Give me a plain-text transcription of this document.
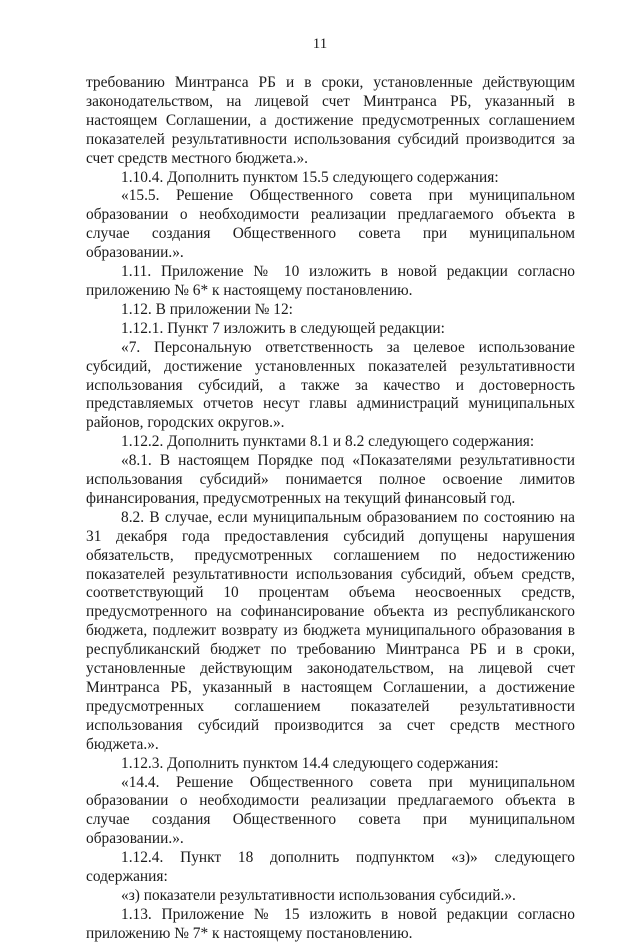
11

требованию Минтранса РБ и в сроки, установленные действующим законодательством, на лицевой счет Минтранса РБ, указанный в настоящем Соглашении, а достижение предусмотренных соглашением показателей результативности использования субсидий производится за счет средств местного бюджета.».

1.10.4. Дополнить пунктом 15.5 следующего содержания:

«15.5. Решение Общественного совета при муниципальном образовании о необходимости реализации предлагаемого объекта в случае создания Общественного совета при муниципальном образовании.».

1.11. Приложение № 10 изложить в новой редакции согласно приложению № 6* к настоящему постановлению.

1.12. В приложении № 12:

1.12.1. Пункт 7 изложить в следующей редакции:

«7. Персональную ответственность за целевое использование субсидий, достижение установленных показателей результативности использования субсидий, а также за качество и достоверность представляемых отчетов несут главы администраций муниципальных районов, городских округов.».

1.12.2. Дополнить пунктами 8.1 и 8.2 следующего содержания:

«8.1. В настоящем Порядке под «Показателями результативности использования субсидий» понимается полное освоение лимитов финансирования, предусмотренных на текущий финансовый год.

8.2. В случае, если муниципальным образованием по состоянию на 31 декабря года предоставления субсидий допущены нарушения обязательств, предусмотренных соглашением по недостижению показателей результативности использования субсидий, объем средств, соответствующий 10 процентам объема неосвоенных средств, предусмотренного на софинансирование объекта из республиканского бюджета, подлежит возврату из бюджета муниципального образования в республиканский бюджет по требованию Минтранса РБ и в сроки, установленные действующим законодательством, на лицевой счет Минтранса РБ, указанный в настоящем Соглашении, а достижение предусмотренных соглашением показателей результативности использования субсидий производится за счет средств местного бюджета.».

1.12.3. Дополнить пунктом 14.4 следующего содержания:

«14.4. Решение Общественного совета при муниципальном образовании о необходимости реализации предлагаемого объекта в случае создания Общественного совета при муниципальном образовании.».

1.12.4. Пункт 18 дополнить подпунктом «з)» следующего содержания:

«з) показатели результативности использования субсидий.».

1.13. Приложение № 15 изложить в новой редакции согласно приложению № 7* к настоящему постановлению.
